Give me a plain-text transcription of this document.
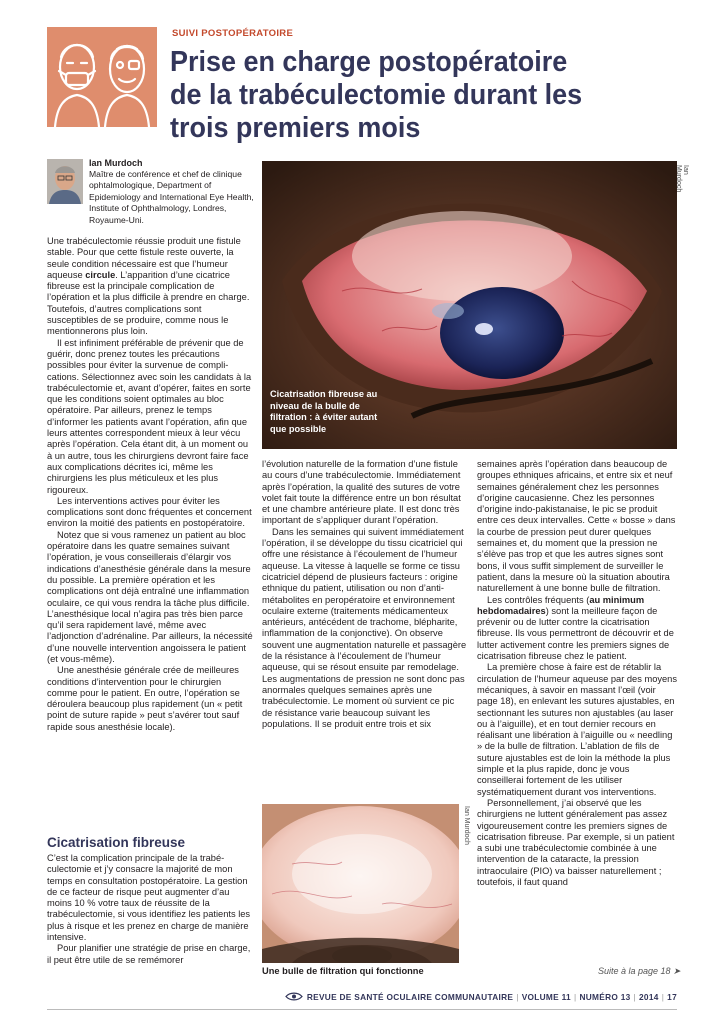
SUIVI POSTOPÉRATOIRE
Prise en charge postopératoire
de la trabéculectomie durant les
trois premiers mois
Ian Murdoch
Maître de conférence et chef de clinique ophtalmologique, Department of Epidemiology and International Eye Health, Institute of Ophthalmology, Londres, Royaume-Uni.

Une trabéculectomie réussie produit une fistule stable. Pour que cette fistule reste ouverte, la seule condition nécessaire est que l’humeur aqueuse circule. L’apparition d’une cicatrice fibreuse est la principale complication de l’opération et la plus difficile à prendre en charge. Toutefois, d’autres complications sont susceptibles de se produire, comme nous le mentionnerons plus loin.

Il est infiniment préférable de prévenir que de guérir, donc prenez toutes les précautions possibles pour éviter la survenue de complications. Sélectionnez avec soin les candidats à la trabéculectomie et, avant d’opérer, faites en sorte que les conditions soient optimales au bloc opératoire. Par ailleurs, prenez le temps d’informer les patients avant l’opération, afin que leurs attentes correspondent mieux à leur vécu après l’opération. Cela étant dit, à un moment ou à un autre, tous les chirurgiens devront faire face aux complications décrites ici, même les chirurgiens les plus méticuleux et les plus rigoureux.

Les interventions actives pour éviter les complications sont donc fréquentes et concernent environ la moitié des patients en postopératoire.

Notez que si vous ramenez un patient au bloc opératoire dans les quatre semaines suivant l’opération, je vous conseillerais d’élargir vos indications d’anesthésie générale dans la mesure du possible. La première opération et les complications ont déjà entraîné une inflammation oculaire, ce qui vous rendra la tâche plus difficile. L’anesthésique local n’agira pas très bien parce qu’il sera rapidement lavé, même avec l’adjonction d’adrénaline. Par ailleurs, la nécessité d’une nouvelle intervention angoissera le patient (et vous-même).

Une anesthésie générale crée de meilleures conditions d’intervention pour le chirurgien comme pour le patient. En outre, l’opération se déroulera beaucoup plus rapidement (un « petit point de suture rapide » peut s’avérer tout sauf rapide sous anesthésie locale).

Cicatrisation fibreuse

C’est la complication principale de la trabéculectomie et j’y consacre la majorité de mon temps en consultation postopératoire. La gestion de ce facteur de risque peut augmenter d’au moins 10 % votre taux de réussite de la trabéculectomie, si vous identifiez les patients les plus à risque et les prenez en charge de manière intensive.

Pour planifier une stratégie de prise en charge, il peut être utile de se remémorer

Ian Murdoch
Cicatrisation fibreuse au niveau de la bulle de filtration : à éviter autant que possible

l’évolution naturelle de la formation d’une fistule au cours d’une trabéculectomie. Immédiatement après l’opération, la qualité des sutures de votre volet fait toute la différence entre un bon résultat et une chambre antérieure plate. Il est donc très important de s’appliquer durant l’opération.

Dans les semaines qui suivent immédiatement l’opération, il se développe du tissu cicatriciel qui offre une résistance à l’écoulement de l’humeur aqueuse. La vitesse à laquelle se forme ce tissu cicatriciel dépend de plusieurs facteurs : origine ethnique du patient, utilisation ou non d’anti-métabolites en peropératoire et environnement oculaire externe (traitements médicamenteux antérieurs, antécédent de trachome, blépharite, inflammation de la conjonctive). On observe souvent une augmentation naturelle et passagère de la résistance à l’écoulement de l’humeur aqueuse, qui se résout ensuite par remodelage. Les augmentations de pression ne sont donc pas anormales quelques semaines après une trabéculectomie. Le moment où survient ce pic de résistance varie beaucoup suivant les populations. Il se produit entre trois et six

Ian Murdoch
Une bulle de filtration qui fonctionne

semaines après l’opération dans beaucoup de groupes ethniques africains, et entre six et neuf semaines généralement chez les personnes d’origine caucasienne. Chez les personnes d’origine indo-pakistanaise, le pic se produit entre ces deux intervalles. Cette « bosse » dans la courbe de pression peut durer quelques semaines et, du moment que la pression ne s’élève pas trop et que les autres signes sont bons, il vous suffit simplement de surveiller le patient, dans la mesure où la situation aboutira naturellement à une bonne bulle de filtration.

Les contrôles fréquents (au minimum hebdomadaires) sont la meilleure façon de prévenir ou de lutter contre la cicatrisation fibreuse. Ils vous permettront de découvrir et de lutter activement contre les premiers signes de cicatrisation fibreuse chez le patient.

La première chose à faire est de rétablir la circulation de l’humeur aqueuse par des moyens mécaniques, à savoir en massant l’œil (voir page 18), en enlevant les sutures ajustables, en sectionnant les sutures non ajustables (au laser ou à l’aiguille), et en tout dernier recours en réalisant une libération à l’aiguille ou « needling » de la bulle de filtration. L’ablation de fils de suture ajustables est de loin la méthode la plus simple et la plus rapide, donc je vous conseillerai fortement de les utiliser systématiquement durant vos interventions.

Personnellement, j’ai observé que les chirurgiens ne luttent généralement pas assez vigoureusement contre les premiers signes de cicatrisation fibreuse. Par exemple, si un patient a subi une trabéculectomie combinée à une intervention de la cataracte, la pression intraoculaire (PIO) va baisser naturellement ; toutefois, il faut quand

Suite à la page 18 ➤
REVUE DE SANTÉ OCULAIRE COMMUNAUTAIRE | VOLUME 11 | NUMÉRO 13 | 2014 | 17
